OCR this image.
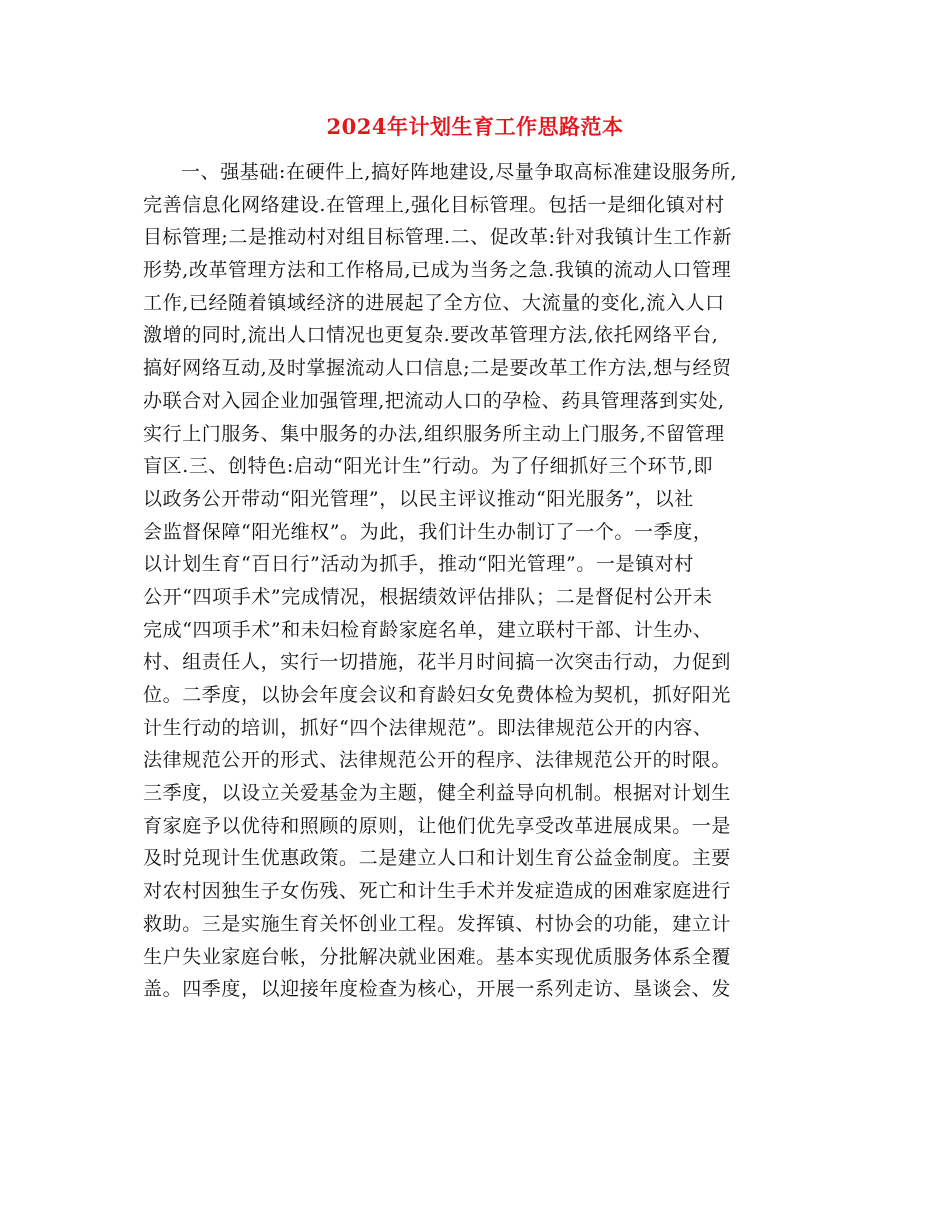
2024年计划生育工作思路范本
一、强基础:在硬件上,搞好阵地建设,尽量争取高标准建设服务所,
完善信息化网络建设.在管理上,强化目标管理。包括一是细化镇对村
目标管理;二是推动村对组目标管理.二、促改革:针对我镇计生工作新
形势,改革管理方法和工作格局,已成为当务之急.我镇的流动人口管理
工作,已经随着镇域经济的进展起了全方位、大流量的变化,流入人口
激增的同时,流出人口情况也更复杂.要改革管理方法,依托网络平台,
搞好网络互动,及时掌握流动人口信息;二是要改革工作方法,想与经贸
办联合对入园企业加强管理,把流动人口的孕检、药具管理落到实处,
实行上门服务、集中服务的办法,组织服务所主动上门服务,不留管理
盲区.三、创特色:启动“阳光计生”行动。为了仔细抓好三个环节,即
以政务公开带动“阳光管理”，以民主评议推动“阳光服务”，以社
会监督保障“阳光维权”。为此，我们计生办制订了一个。一季度，
以计划生育“百日行”活动为抓手，推动“阳光管理”。一是镇对村
公开“四项手术”完成情况，根据绩效评估排队；二是督促村公开未
完成“四项手术”和未妇检育龄家庭名单，建立联村干部、计生办、
村、组责任人，实行一切措施，花半月时间搞一次突击行动，力促到
位。二季度，以协会年度会议和育龄妇女免费体检为契机，抓好阳光
计生行动的培训，抓好“四个法律规范”。即法律规范公开的内容、
法律规范公开的形式、法律规范公开的程序、法律规范公开的时限。
三季度，以设立关爱基金为主题，健全利益导向机制。根据对计划生
育家庭予以优待和照顾的原则，让他们优先享受改革进展成果。一是
及时兑现计生优惠政策。二是建立人口和计划生育公益金制度。主要
对农村因独生子女伤残、死亡和计生手术并发症造成的困难家庭进行
救助。三是实施生育关怀创业工程。发挥镇、村协会的功能，建立计
生户失业家庭台帐，分批解决就业困难。基本实现优质服务体系全覆
盖。四季度，以迎接年度检查为核心，开展一系列走访、垦谈会、发
